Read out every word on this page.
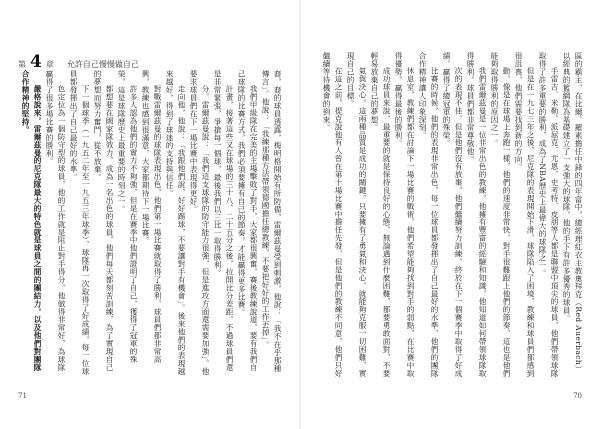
第 4 章 允許自己慢慢做自己

裔，裔的球員透露，梅明格開始有所防備，雷爾茲曼受到刺激，他說：「我不在乎那種傳言」。他說：「我練那種方法帶領德國擔任總教練，不要把好好的工作丟掉」。

我們甲級隊在完美的主場擊敗了對手，大家都很興奮，賽後教練說道，要有我們自己球隊的比賽方式，我們必須要擁有自己的節奏，才能贏得更多比賽。

計畫，接著這些又在球場的三十八、二十五分之後，拉開比分差距，不過球員們還是非常緊張，爭搶每一個球，最後我們以三比一取得勝利。

分。雷爾茲曼說：「我們這支球隊的防守能力很強，但是進攻方面還需要加強」。他要求球員們在下一場比賽中表現得更好。

走向他，他說：「我跟他們說，好好踢球，不要讓對手有機會」。後來他們的表現越來越好，得到了球迷的支持與信任。

對戰雷爾茲曼的球隊表現出色，他們第一場比賽就取得了勝利，球員們都非常高興，教練也感到很滿意，大家都期待下一場比賽。

許多人認為他們的實力不夠強，但是在賽季中他們證明了自己，獲得了冠軍的殊榮，這是球隊歷史上最重要的時刻之一。

都想要在國家隊效力，成為一名出色的球員，他們每天都刻苦訓練，為了實現自己的夢想而努力奮鬥，從不放棄。

下一個球季（一九五二年至一九五三年球季），球隊再一次取得了好成績，每一位球員都發揮出了自己最好的水準。

色定位為一個防守型的球員，他的工作就是阻止對手得分，他做得非常好，為球隊贏得了很多場比賽的勝利。

嚴格說來，雷爾茲曼的尼克隊最大的特色就是球員之間的團結力，以及他們對團隊合作精神的堅持。

71

區的霸主，在比爾．羅素擔任中鋒的四年當中，總經理紅衣主教奧拜克（Red Auerbach）以經典的籃網隊為基礎建立了一支強大的球隊，他的手下有許多優秀的球員。

手雷吉．米勒、派屈克．尤恩、史考特．皮朋等人都是聯盟中頂尖的球員，他們帶領球隊取得了許多重要的勝利，成為了NBA歷史上最偉大的球隊之一。

但是在一九七三年之後，尼克隊的表現開始下滑，球隊陷入了困境，教練和球員們都感到很沮喪，他們需要找到新的方向。

動，像是在球場上奔跑一樣，他們的速度非常快，對手很難跟上他們的節奏，這也是他們能夠取得勝利的原因之一。

我們雷爾茲曼是一位非常出色的教練，他擁有豐富的經驗和知識，他知道如何帶領球隊取得勝利，球員們都非常尊敬他。

次的表現不佳，但是他們沒有放棄，他們繼續努力訓練，終於在下一個賽季中取得了好成績，贏得了總冠軍的殊榮。

比賽的時候，他們的表現非常出色，每一位球員都發揮出了自己最好的水準，他們的團隊合作精神讓人印象深刻。

休息室，教練們都在討論下一場比賽的戰術，他們希望能夠找到對手的弱點，在比賽中取得優勢，贏得最後的勝利。

成功球員來說，最重要的就是保持良好的心態，無論遇到什麼困難，都要勇敢面對，不要輕易放棄自己的夢想。

氣與決心，這兩種品質是成功的關鍵，只要擁有了勇氣和決心，就能夠克服一切困難，實現自己的目標。

在這之前，提克說他有人曾在第十場比賽中擔任先發，但是他們的教練不同意，他們只好繼續等待機會的到來。

70
